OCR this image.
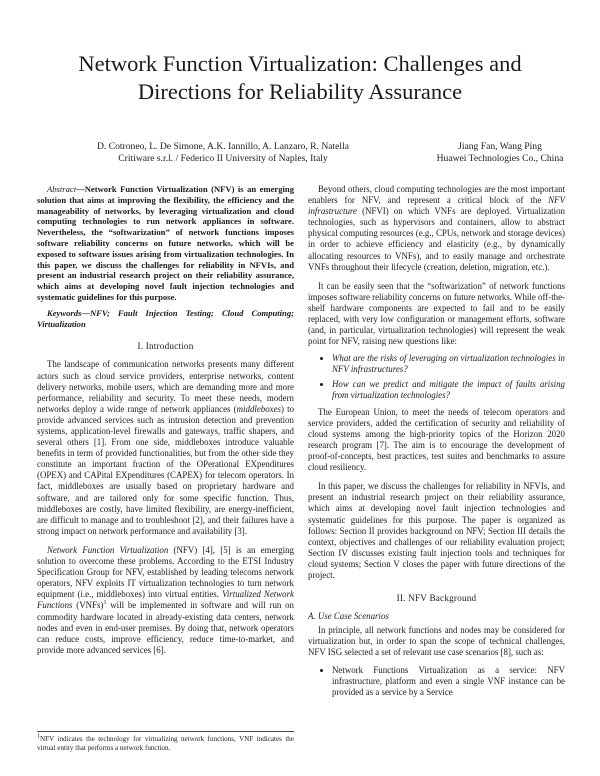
Network Function Virtualization: Challenges and
Directions for Reliability Assurance
D. Cotroneo, L. De Simone, A.K. Iannillo, A. Lanzaro, R. Natella
Critiware s.r.l. / Federico II University of Naples, Italy
Jiang Fan, Wang Ping
Huawei Technologies Co., China

Abstract—Network Function Virtualization (NFV) is an emerging solution that aims at improving the flexibility, the efficiency and the manageability of networks, by leveraging virtualization and cloud computing technologies to run network appliances in software. Nevertheless, the “softwarization” of network functions imposes software reliability concerns on future networks, which will be exposed to software issues arising from virtualization technologies. In this paper, we discuss the challenges for reliability in NFVIs, and present an industrial research project on their reliability assurance, which aims at developing novel fault injection technologies and systematic guidelines for this purpose.

Keywords—NFV; Fault Injection Testing; Cloud Computing; Virtualization

I. Introduction

The landscape of communication networks presents many different actors such as cloud service providers, enterprise networks, content delivery networks, mobile users, which are demanding more and more performance, reliability and security. To meet these needs, modern networks deploy a wide range of network appliances (middleboxes) to provide advanced services such as intrusion detection and prevention systems, application-level firewalls and gateways, traffic shapers, and several others [1]. From one side, middleboxes introduce valuable benefits in term of provided functionalities, but from the other side they constitute an important fraction of the OPerational EXpenditures (OPEX) and CAPital EXpenditures (CAPEX) for telecom operators. In fact, middleboxes are usually based on proprietary hardware and software, and are tailored only for some specific function. Thus, middleboxes are costly, have limited flexibility, are energy-inefficient, are difficult to manage and to troubleshoot [2], and their failures have a strong impact on network performance and availability [3].

Network Function Virtualization (NFV) [4], [5] is an emerging solution to overcome these problems. According to the ETSI Industry Specification Group for NFV, established by leading telecoms network operators, NFV exploits IT virtualization technologies to turn network equipment (i.e., middleboxes) into virtual entities. Virtualized Network Functions (VNFs)$^1$ will be implemented in software and will run on commodity hardware located in already-existing data centers, network nodes and even in end-user premises. By doing that, network operators can reduce costs, improve efficiency, reduce time-to-market, and provide more advanced services [6].

$^1$NFV indicates the technology for virtualizing network functions, VNF indicates the virtual entity that performs a network function.

Beyond others, cloud computing technologies are the most important enablers for NFV, and represent a critical block of the NFV infrastructure (NFVI) on which VNFs are deployed. Virtualization technologies, such as hypervisors and containers, allow to abstract physical computing resources (e.g., CPUs, network and storage devices) in order to achieve efficiency and elasticity (e.g., by dynamically allocating resources to VNFs), and to easily manage and orchestrate VNFs throughout their lifecycle (creation, deletion, migration, etc.).

It can be easily seen that the “softwarization” of network functions imposes software reliability concerns on future networks. While off-the-shelf hardware components are expected to fail and to be easily replaced, with very low configuration or management efforts, software (and, in particular, virtualization technologies) will represent the weak point for NFV, raising new questions like:

• What are the risks of leveraging on virtualization technologies in NFV infrastructures?
• How can we predict and mitigate the impact of faults arising from virtualization technologies?

The European Union, to meet the needs of telecom operators and service providers, added the certification of security and reliability of cloud systems among the high-priority topics of the Horizon 2020 research program [7]. The aim is to encourage the development of proof-of-concepts, best practices, test suites and benchmarks to assure cloud resiliency.

In this paper, we discuss the challenges for reliability in NFVIs, and present an industrial research project on their reliability assurance, which aims at developing novel fault injection technologies and systematic guidelines for this purpose. The paper is organized as follows: Section II provides background on NFV; Section III details the context, objectives and challenges of our reliability evaluation project; Section IV discusses existing fault injection tools and techniques for cloud systems; Section V closes the paper with future directions of the project.

II. NFV Background
A. Use Case Scenarios

In principle, all network functions and nodes may be considered for virtualization but, in order to span the scope of technical challenges, NFV ISG selected a set of relevant use case scenarios [8], such as:

• Network Functions Virtualization as a service: NFV infrastructure, platform and even a single VNF instance can be provided as a service by a Service
